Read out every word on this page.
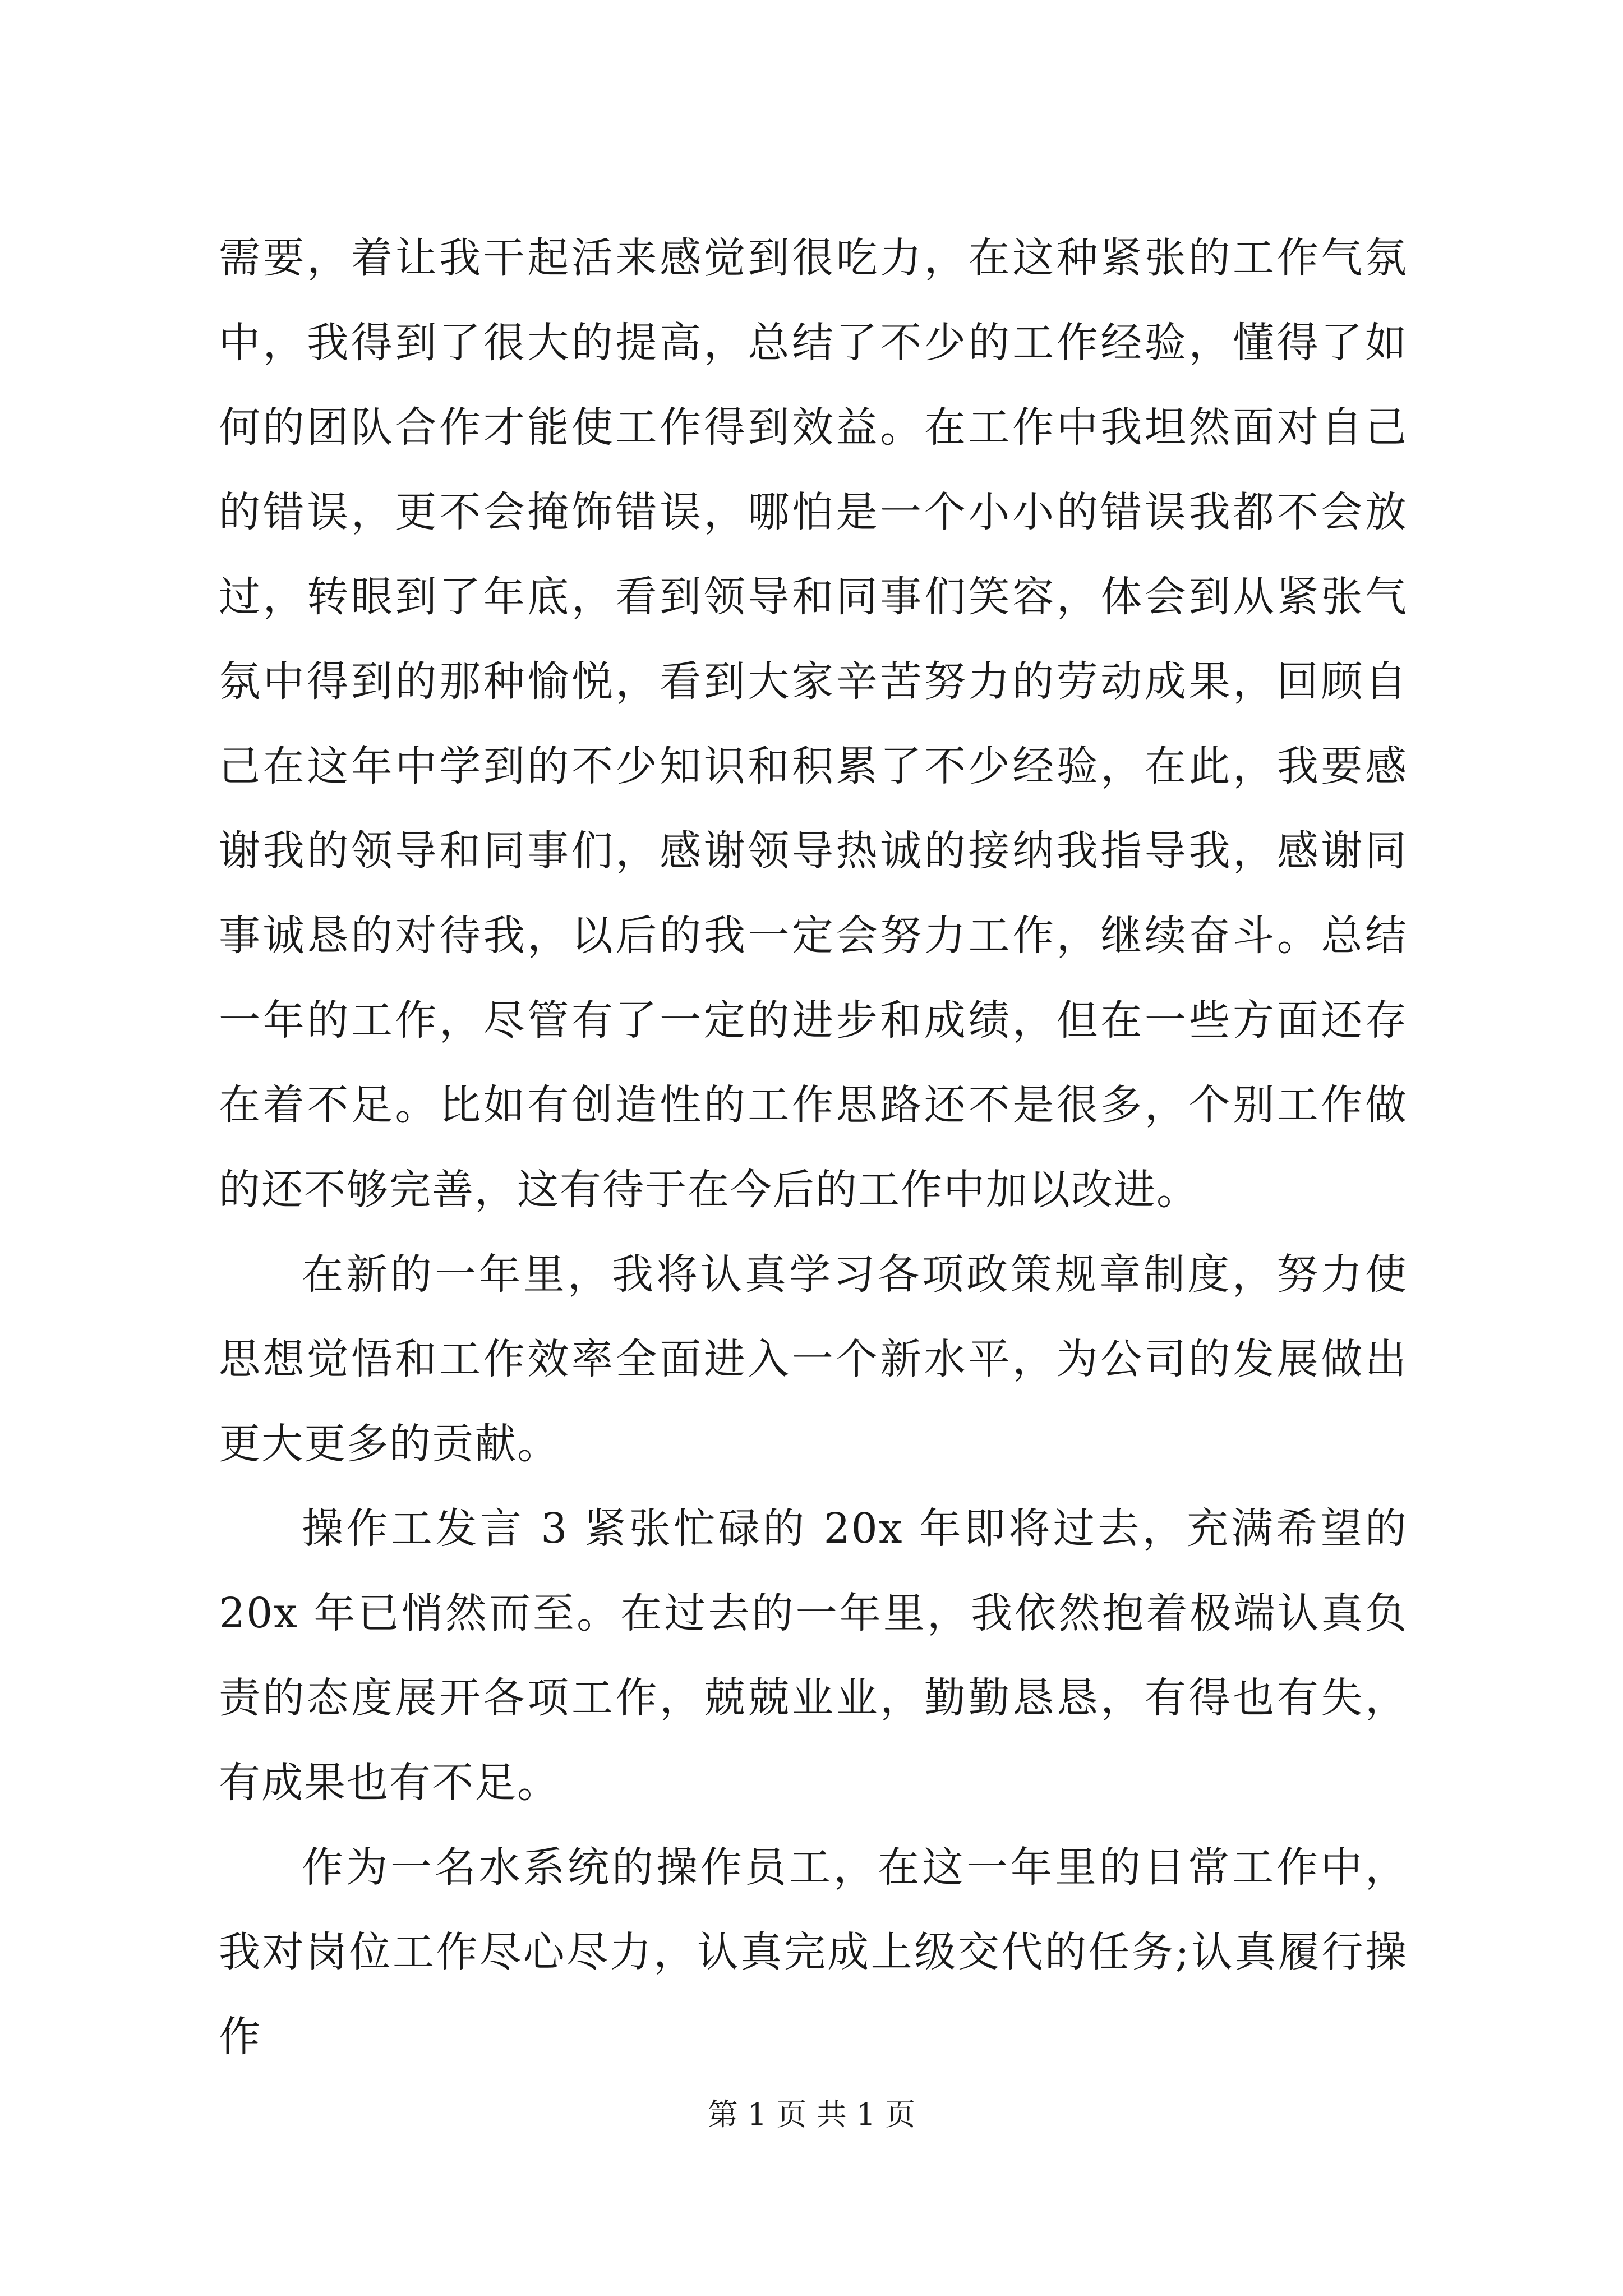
需要，着让我干起活来感觉到很吃力，在这种紧张的工作气氛中，我得到了很大的提高，总结了不少的工作经验，懂得了如何的团队合作才能使工作得到效益。在工作中我坦然面对自己的错误，更不会掩饰错误，哪怕是一个小小的错误我都不会放过，转眼到了年底，看到领导和同事们笑容，体会到从紧张气氛中得到的那种愉悦，看到大家辛苦努力的劳动成果，回顾自己在这年中学到的不少知识和积累了不少经验，在此，我要感谢我的领导和同事们，感谢领导热诚的接纳我指导我，感谢同事诚恳的对待我，以后的我一定会努力工作，继续奋斗。总结一年的工作，尽管有了一定的进步和成绩，但在一些方面还存在着不足。比如有创造性的工作思路还不是很多，个别工作做的还不够完善，这有待于在今后的工作中加以改进。

在新的一年里，我将认真学习各项政策规章制度，努力使思想觉悟和工作效率全面进入一个新水平，为公司的发展做出更大更多的贡献。

操作工发言 3 紧张忙碌的 20x 年即将过去，充满希望的 20x 年已悄然而至。在过去的一年里，我依然抱着极端认真负责的态度展开各项工作，兢兢业业，勤勤恳恳，有得也有失，有成果也有不足。

作为一名水系统的操作员工，在这一年里的日常工作中，我对岗位工作尽心尽力，认真完成上级交代的任务;认真履行操作

第 1 页 共 1 页
